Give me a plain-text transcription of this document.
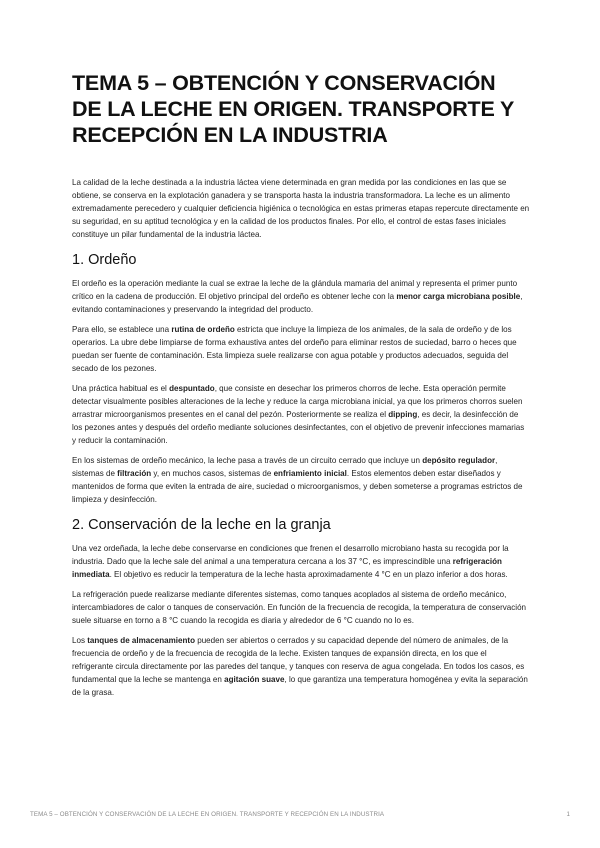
TEMA 5 – OBTENCIÓN Y CONSERVACIÓN DE LA LECHE EN ORIGEN. TRANSPORTE Y RECEPCIÓN EN LA INDUSTRIA

La calidad de la leche destinada a la industria láctea viene determinada en gran medida por las condiciones en las que se obtiene, se conserva en la explotación ganadera y se transporta hasta la industria transformadora. La leche es un alimento extremadamente perecedero y cualquier deficiencia higiénica o tecnológica en estas primeras etapas repercute directamente en su seguridad, en su aptitud tecnológica y en la calidad de los productos finales. Por ello, el control de estas fases iniciales constituye un pilar fundamental de la industria láctea.

1. Ordeño

El ordeño es la operación mediante la cual se extrae la leche de la glándula mamaria del animal y representa el primer punto crítico en la cadena de producción. El objetivo principal del ordeño es obtener leche con la menor carga microbiana posible, evitando contaminaciones y preservando la integridad del producto.

Para ello, se establece una rutina de ordeño estricta que incluye la limpieza de los animales, de la sala de ordeño y de los operarios. La ubre debe limpiarse de forma exhaustiva antes del ordeño para eliminar restos de suciedad, barro o heces que puedan ser fuente de contaminación. Esta limpieza suele realizarse con agua potable y productos adecuados, seguida del secado de los pezones.

Una práctica habitual es el despuntado, que consiste en desechar los primeros chorros de leche. Esta operación permite detectar visualmente posibles alteraciones de la leche y reduce la carga microbiana inicial, ya que los primeros chorros suelen arrastrar microorganismos presentes en el canal del pezón. Posteriormente se realiza el dipping, es decir, la desinfección de los pezones antes y después del ordeño mediante soluciones desinfectantes, con el objetivo de prevenir infecciones mamarias y reducir la contaminación.

En los sistemas de ordeño mecánico, la leche pasa a través de un circuito cerrado que incluye un depósito regulador, sistemas de filtración y, en muchos casos, sistemas de enfriamiento inicial. Estos elementos deben estar diseñados y mantenidos de forma que eviten la entrada de aire, suciedad o microorganismos, y deben someterse a programas estrictos de limpieza y desinfección.

2. Conservación de la leche en la granja

Una vez ordeñada, la leche debe conservarse en condiciones que frenen el desarrollo microbiano hasta su recogida por la industria. Dado que la leche sale del animal a una temperatura cercana a los 37 °C, es imprescindible una refrigeración inmediata. El objetivo es reducir la temperatura de la leche hasta aproximadamente 4 °C en un plazo inferior a dos horas.

La refrigeración puede realizarse mediante diferentes sistemas, como tanques acoplados al sistema de ordeño mecánico, intercambiadores de calor o tanques de conservación. En función de la frecuencia de recogida, la temperatura de conservación suele situarse en torno a 8 °C cuando la recogida es diaria y alrededor de 6 °C cuando no lo es.

Los tanques de almacenamiento pueden ser abiertos o cerrados y su capacidad depende del número de animales, de la frecuencia de ordeño y de la frecuencia de recogida de la leche. Existen tanques de expansión directa, en los que el refrigerante circula directamente por las paredes del tanque, y tanques con reserva de agua congelada. En todos los casos, es fundamental que la leche se mantenga en agitación suave, lo que garantiza una temperatura homogénea y evita la separación de la grasa.

TEMA 5 – OBTENCIÓN Y CONSERVACIÓN DE LA LECHE EN ORIGEN. TRANSPORTE Y RECEPCIÓN EN LA INDUSTRIA	1
